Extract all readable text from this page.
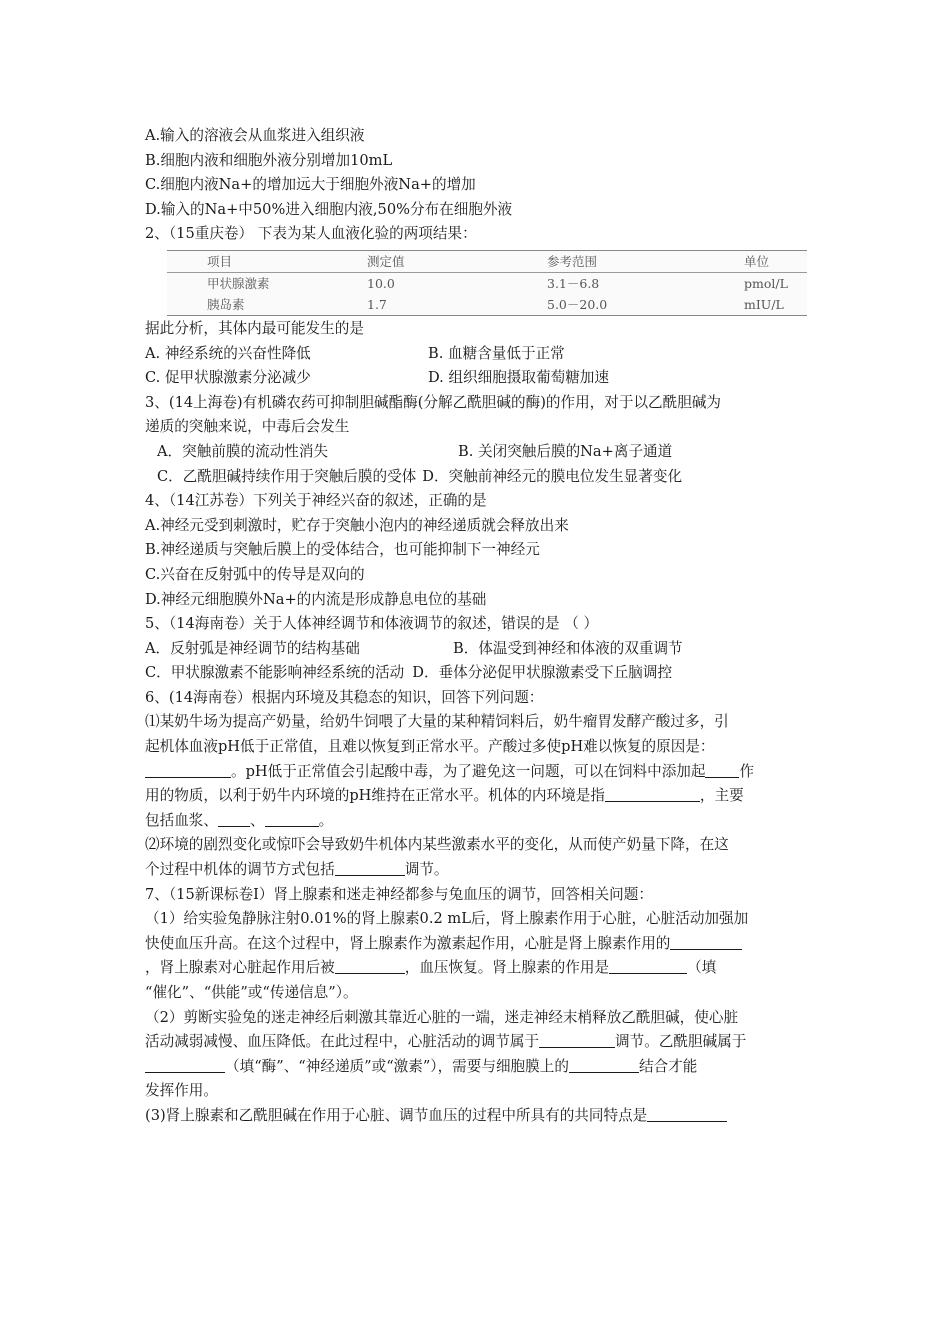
A.输入的溶液会从血浆进入组织液
B.细胞内液和细胞外液分别增加10mL
C.细胞内液Na+的增加远大于细胞外液Na+的增加
D.输入的Na+中50%进入细胞内液,50%分布在细胞外液
2、（15重庆卷） 下表为某人血液化验的两项结果：
项目	测定值	参考范围	单位
甲状腺激素	10.0	3.1－6.8	pmol/L
胰岛素	1.7	5.0－20.0	mIU/L
据此分析，其体内最可能发生的是
A. 神经系统的兴奋性降低	B. 血糖含量低于正常
C. 促甲状腺激素分泌减少	D. 组织细胞摄取葡萄糖加速
3、(14上海卷)有机磷农药可抑制胆碱酯酶(分解乙酰胆碱的酶)的作用，对于以乙酰胆碱为
递质的突触来说，中毒后会发生
A．突触前膜的流动性消失	B. 关闭突触后膜的Na+离子通道
C．乙酰胆碱持续作用于突触后膜的受体 D．突触前神经元的膜电位发生显著变化
4、（14江苏卷）下列关于神经兴奋的叙述，正确的是
A.神经元受到刺激时，贮存于突触小泡内的神经递质就会释放出来
B.神经递质与突触后膜上的受体结合，也可能抑制下一神经元
C.兴奋在反射弧中的传导是双向的
D.神经元细胞膜外Na+的内流是形成静息电位的基础
5、（14海南卷）关于人体神经调节和体液调节的叙述，错误的是 （ ）
A．反射弧是神经调节的结构基础	B．体温受到神经和体液的双重调节
C．甲状腺激素不能影响神经系统的活动 D．垂体分泌促甲状腺激素受下丘脑调控
6、(14海南卷）根据内环境及其稳态的知识，回答下列问题：
⑴某奶牛场为提高产奶量，给奶牛饲喂了大量的某种精饲料后，奶牛瘤胃发酵产酸过多，引
起机体血液pH低于正常值，且难以恢复到正常水平。产酸过多使pH难以恢复的原因是：
。pH低于正常值会引起酸中毒，为了避免这一问题，可以在饲料中添加起 作
用的物质，以利于奶牛内环境的pH维持在正常水平。机体的内环境是指	，主要
包括血浆、 、	。
⑵环境的剧烈变化或惊吓会导致奶牛机体内某些激素水平的变化，从而使产奶量下降，在这
个过程中机体的调节方式包括	调节。
7、（15新课标卷Ⅰ）肾上腺素和迷走神经都参与兔血压的调节，回答相关问题：
（1）给实验兔静脉注射0.01%的肾上腺素0.2 mL后，肾上腺素作用于心脏，心脏活动加强加
快使血压升高。在这个过程中，肾上腺素作为激素起作用，心脏是肾上腺素作用的
，肾上腺素对心脏起作用后被	，血压恢复。肾上腺素的作用是	（填
“催化”、“供能”或“传递信息”）。
（2）剪断实验兔的迷走神经后刺激其靠近心脏的一端，迷走神经末梢释放乙酰胆碱，使心脏
活动减弱减慢、血压降低。在此过程中，心脏活动的调节属于	调节。乙酰胆碱属于
（填“酶”、“神经递质”或“激素”），需要与细胞膜上的	结合才能
发挥作用。
(3)肾上腺素和乙酰胆碱在作用于心脏、调节血压的过程中所具有的共同特点是
